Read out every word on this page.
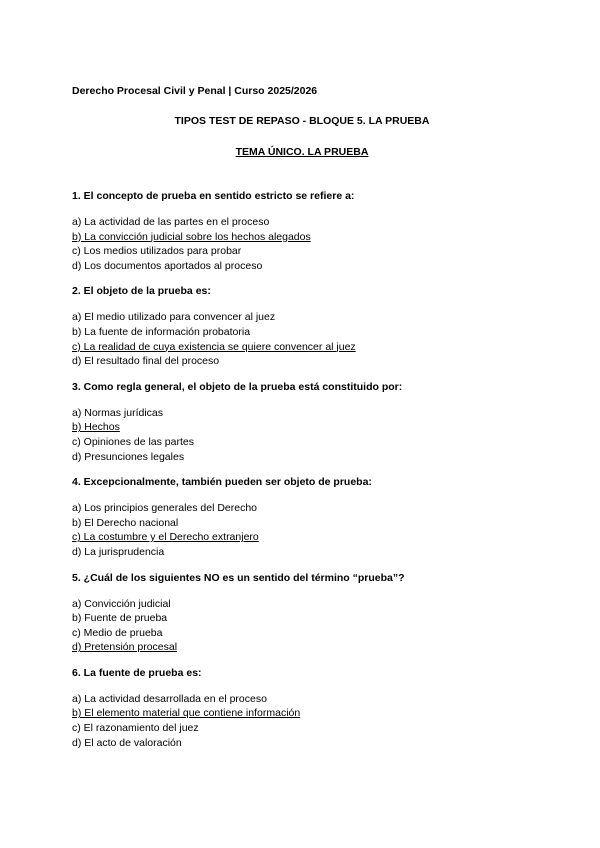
Derecho Procesal Civil y Penal | Curso 2025/2026
TIPOS TEST DE REPASO - BLOQUE 5. LA PRUEBA
TEMA ÚNICO. LA PRUEBA
1. El concepto de prueba en sentido estricto se refiere a:
a) La actividad de las partes en el proceso
b) La convicción judicial sobre los hechos alegados
c) Los medios utilizados para probar
d) Los documentos aportados al proceso
2. El objeto de la prueba es:
a) El medio utilizado para convencer al juez
b) La fuente de información probatoria
c) La realidad de cuya existencia se quiere convencer al juez
d) El resultado final del proceso
3. Como regla general, el objeto de la prueba está constituido por:
a) Normas jurídicas
b) Hechos
c) Opiniones de las partes
d) Presunciones legales
4. Excepcionalmente, también pueden ser objeto de prueba:
a) Los principios generales del Derecho
b) El Derecho nacional
c) La costumbre y el Derecho extranjero
d) La jurisprudencia
5. ¿Cuál de los siguientes NO es un sentido del término “prueba”?
a) Convicción judicial
b) Fuente de prueba
c) Medio de prueba
d) Pretensión procesal
6. La fuente de prueba es:
a) La actividad desarrollada en el proceso
b) El elemento material que contiene información
c) El razonamiento del juez
d) El acto de valoración
